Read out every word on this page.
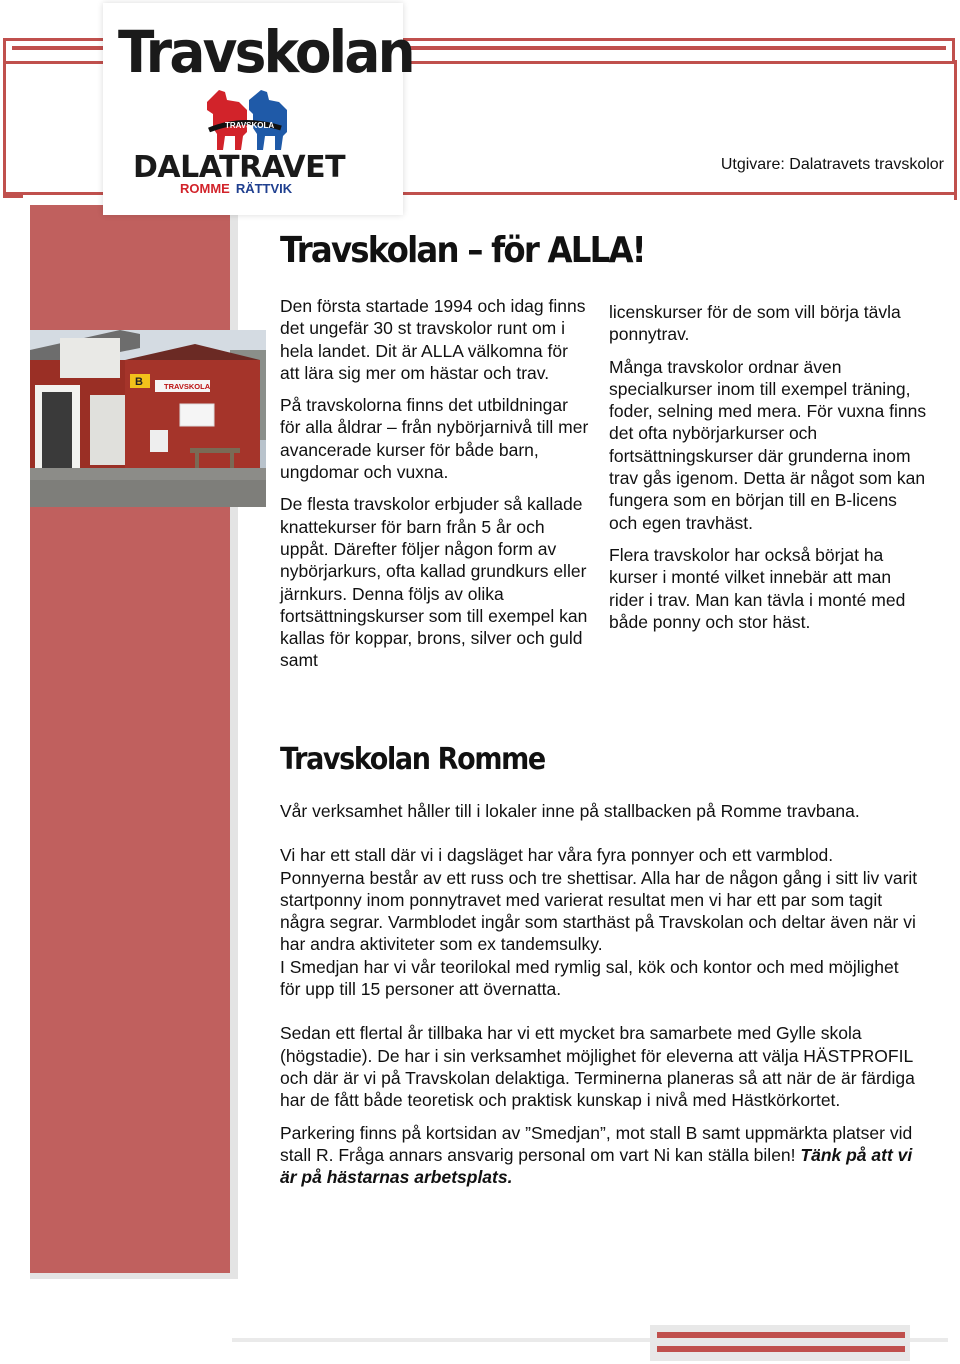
TRAVSKOLA
Travskolan
DALATRAVET
ROMME RÄTTVIK
Utgivare: Dalatravets travskolor
B	TRAVSKOLA
Travskolan – för ALLA!

Den första startade 1994 och idag finns det ungefär 30 st travskolor runt om i hela landet. Dit är ALLA välkomna för att lära sig mer om hästar och trav.

På travskolorna finns det utbildningar för alla åldrar – från nybörjarnivå till mer avancerade kurser för både barn, ungdomar och vuxna.

De flesta travskolor erbjuder så kallade knattekurser för barn från 5 år och uppåt. Därefter följer någon form av nybörjarkurs, ofta kallad grundkurs eller järnkurs. Denna följs av olika fortsättningskurser som till exempel kan kallas för koppar, brons, silver och guld samt

licenskurser för de som vill börja tävla ponnytrav.

Många travskolor ordnar även specialkurser inom till exempel träning, foder, selning med mera. För vuxna finns det ofta nybörjarkurser och fortsättningskurser där grunderna inom trav gås igenom. Detta är något som kan fungera som en början till en B-licens och egen travhäst.

Flera travskolor har också börjat ha kurser i monté vilket innebär att man rider i trav. Man kan tävla i monté med både ponny och stor häst.

Travskolan Romme

Vår verksamhet håller till i lokaler inne på stallbacken på Romme travbana.

Vi har ett stall där vi i dagsläget har våra fyra ponnyer och ett varmblod. Ponnyerna består av ett russ och tre shettisar. Alla har de någon gång i sitt liv varit startponny inom ponnytravet med varierat resultat men vi har ett par som tagit några segrar. Varmblodet ingår som starthäst på Travskolan och deltar även när vi har andra aktiviteter som ex tandemsulky.

I Smedjan har vi vår teorilokal med rymlig sal, kök och kontor och med möjlighet för upp till 15 personer att övernatta.

Sedan ett flertal år tillbaka har vi ett mycket bra samarbete med Gylle skola (högstadie). De har i sin verksamhet möjlighet för eleverna att välja HÄSTPROFIL och där är vi på Travskolan delaktiga. Terminerna planeras så att när de är färdiga har de fått både teoretisk och praktisk kunskap i nivå med Hästkörkortet.

Parkering finns på kortsidan av ”Smedjan”, mot stall B samt uppmärkta platser vid stall R. Fråga annars ansvarig personal om vart Ni kan ställa bilen! Tänk på att vi är på hästarnas arbetsplats.
